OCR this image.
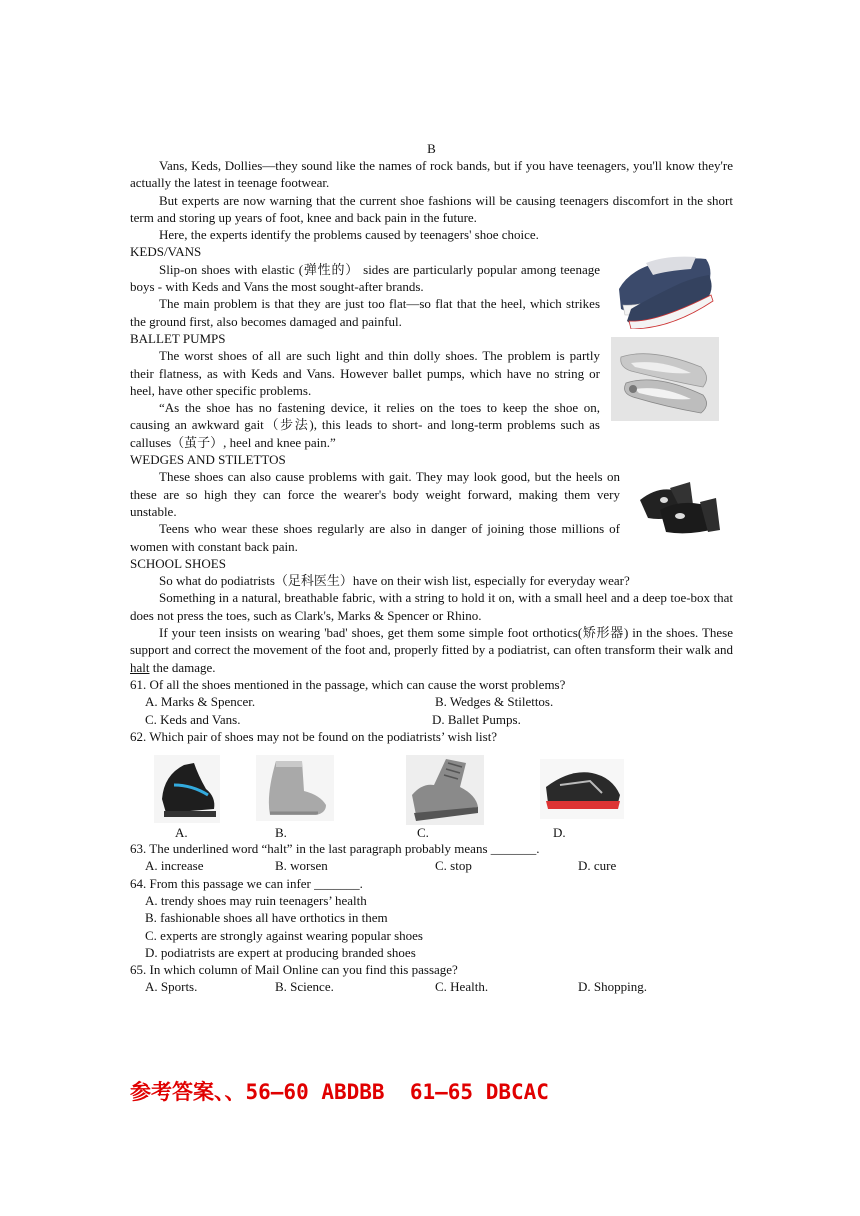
B

Vans, Keds, Dollies—they sound like the names of rock bands, but if you have teenagers, you'll know they're actually the latest in teenage footwear.

But experts are now warning that the current shoe fashions will be causing teenagers discomfort in the short term and storing up years of foot, knee and back pain in the future.

Here, the experts identify the problems caused by teenagers' shoe choice.

KEDS/VANS

Slip-on shoes with elastic (弹性的） sides are particularly popular among teenage boys - with Keds and Vans the most sought-after brands.

The main problem is that they are just too flat—so flat that the heel, which strikes the ground first, also becomes damaged and painful.

BALLET PUMPS

The worst shoes of all are such light and thin dolly shoes. The problem is partly their flatness, as with Keds and Vans. However ballet pumps, which have no string or heel, have other specific problems.

“As the shoe has no fastening device, it relies on the toes to keep the shoe on, causing an awkward gait（步法), this leads to short- and long-term problems such as calluses（茧子）, heel and knee pain.”

WEDGES AND STILETTOS

These shoes can also cause problems with gait. They may look good, but the heels on these are so high they can force the wearer's body weight forward, making them very unstable.

Teens who wear these shoes regularly are also in danger of joining those millions of women with constant back pain.

SCHOOL SHOES

So what do podiatrists（足科医生）have on their wish list, especially for everyday wear?

Something in a natural, breathable fabric, with a string to hold it on, with a small heel and a deep toe-box that does not press the toes, such as Clark's, Marks & Spencer or Rhino.

If your teen insists on wearing 'bad' shoes, get them some simple foot orthotics(矫形器) in the shoes. These support and correct the movement of the foot and, properly fitted by a podiatrist, can often transform their walk and halt the damage.

61. Of all the shoes mentioned in the passage, which can cause the worst problems?
A. Marks & Spencer.	B. Wedges & Stilettos.
C. Keds and Vans.	D. Ballet Pumps.
62. Which pair of shoes may not be found on the podiatrists’ wish list?
A.	B.	C.	D.
63. The underlined word “halt” in the last paragraph probably means _______.
A. increase	B. worsen	C. stop	D. cure
64. From this passage we can infer _______.
A. trendy shoes may ruin teenagers’ health
B. fashionable shoes all have orthotics in them
C. experts are strongly against wearing popular shoes
D. podiatrists are expert at producing branded shoes
65. In which column of Mail Online can you find this passage?
A. Sports.	B. Science.	C. Health.	D. Shopping.
参考答案、、56—60 ABDBB  61—65 DBCAC
